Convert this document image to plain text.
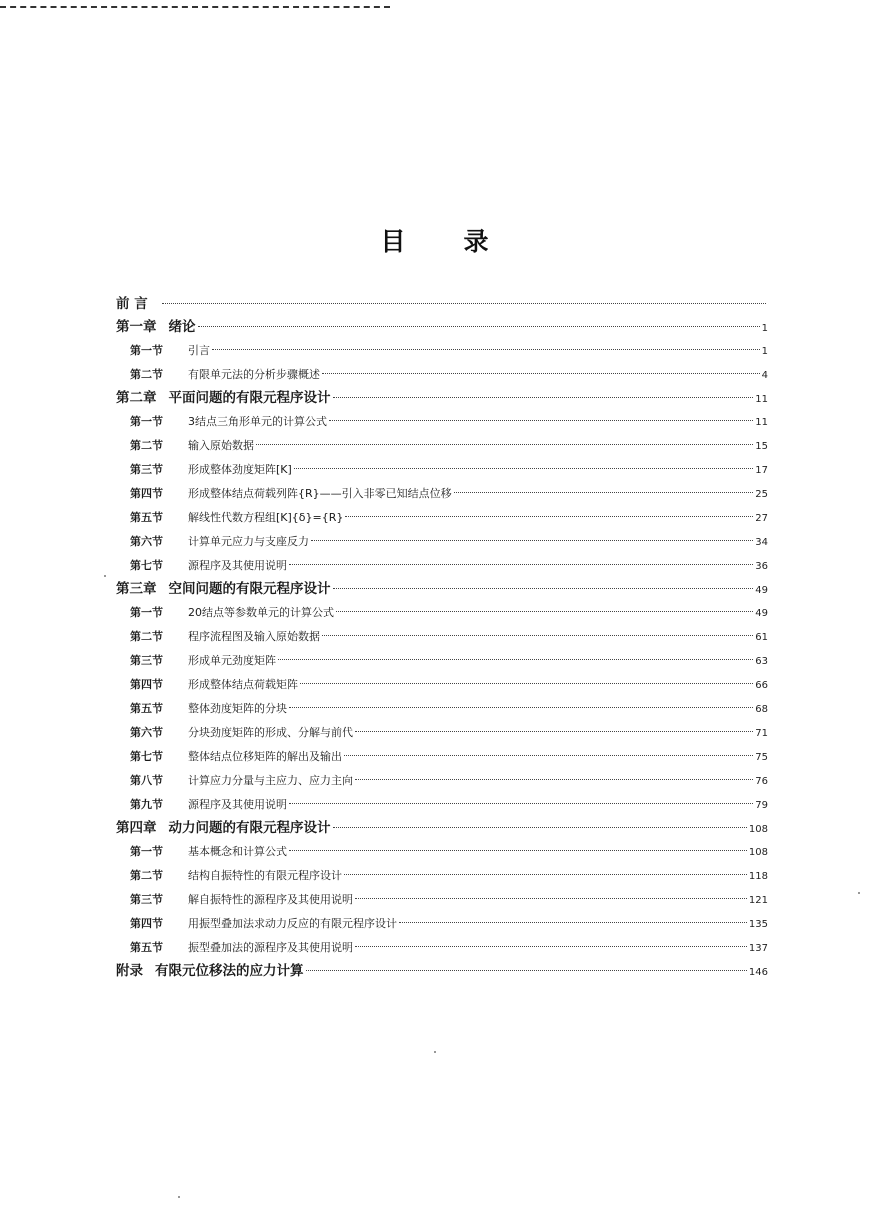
目 录
前 言
第一章 绪论	1
第一节	引言	1
第二节	有限单元法的分析步骤概述	4
第二章 平面问题的有限元程序设计	11
第一节	3结点三角形单元的计算公式	11
第二节	输入原始数据	15
第三节	形成整体劲度矩阵[K]	17
第四节	形成整体结点荷载列阵{R}——引入非零已知结点位移	25
第五节	解线性代数方程组[K]{δ}={R}	27
第六节	计算单元应力与支座反力	34
第七节	源程序及其使用说明	36
第三章 空间问题的有限元程序设计	49
第一节	20结点等参数单元的计算公式	49
第二节	程序流程图及输入原始数据	61
第三节	形成单元劲度矩阵	63
第四节	形成整体结点荷载矩阵	66
第五节	整体劲度矩阵的分块	68
第六节	分块劲度矩阵的形成、分解与前代	71
第七节	整体结点位移矩阵的解出及输出	75
第八节	计算应力分量与主应力、应力主向	76
第九节	源程序及其使用说明	79
第四章 动力问题的有限元程序设计	108
第一节	基本概念和计算公式	108
第二节	结构自振特性的有限元程序设计	118
第三节	解自振特性的源程序及其使用说明	121
第四节	用振型叠加法求动力反应的有限元程序设计	135
第五节	振型叠加法的源程序及其使用说明	137
附录 有限元位移法的应力计算	146
